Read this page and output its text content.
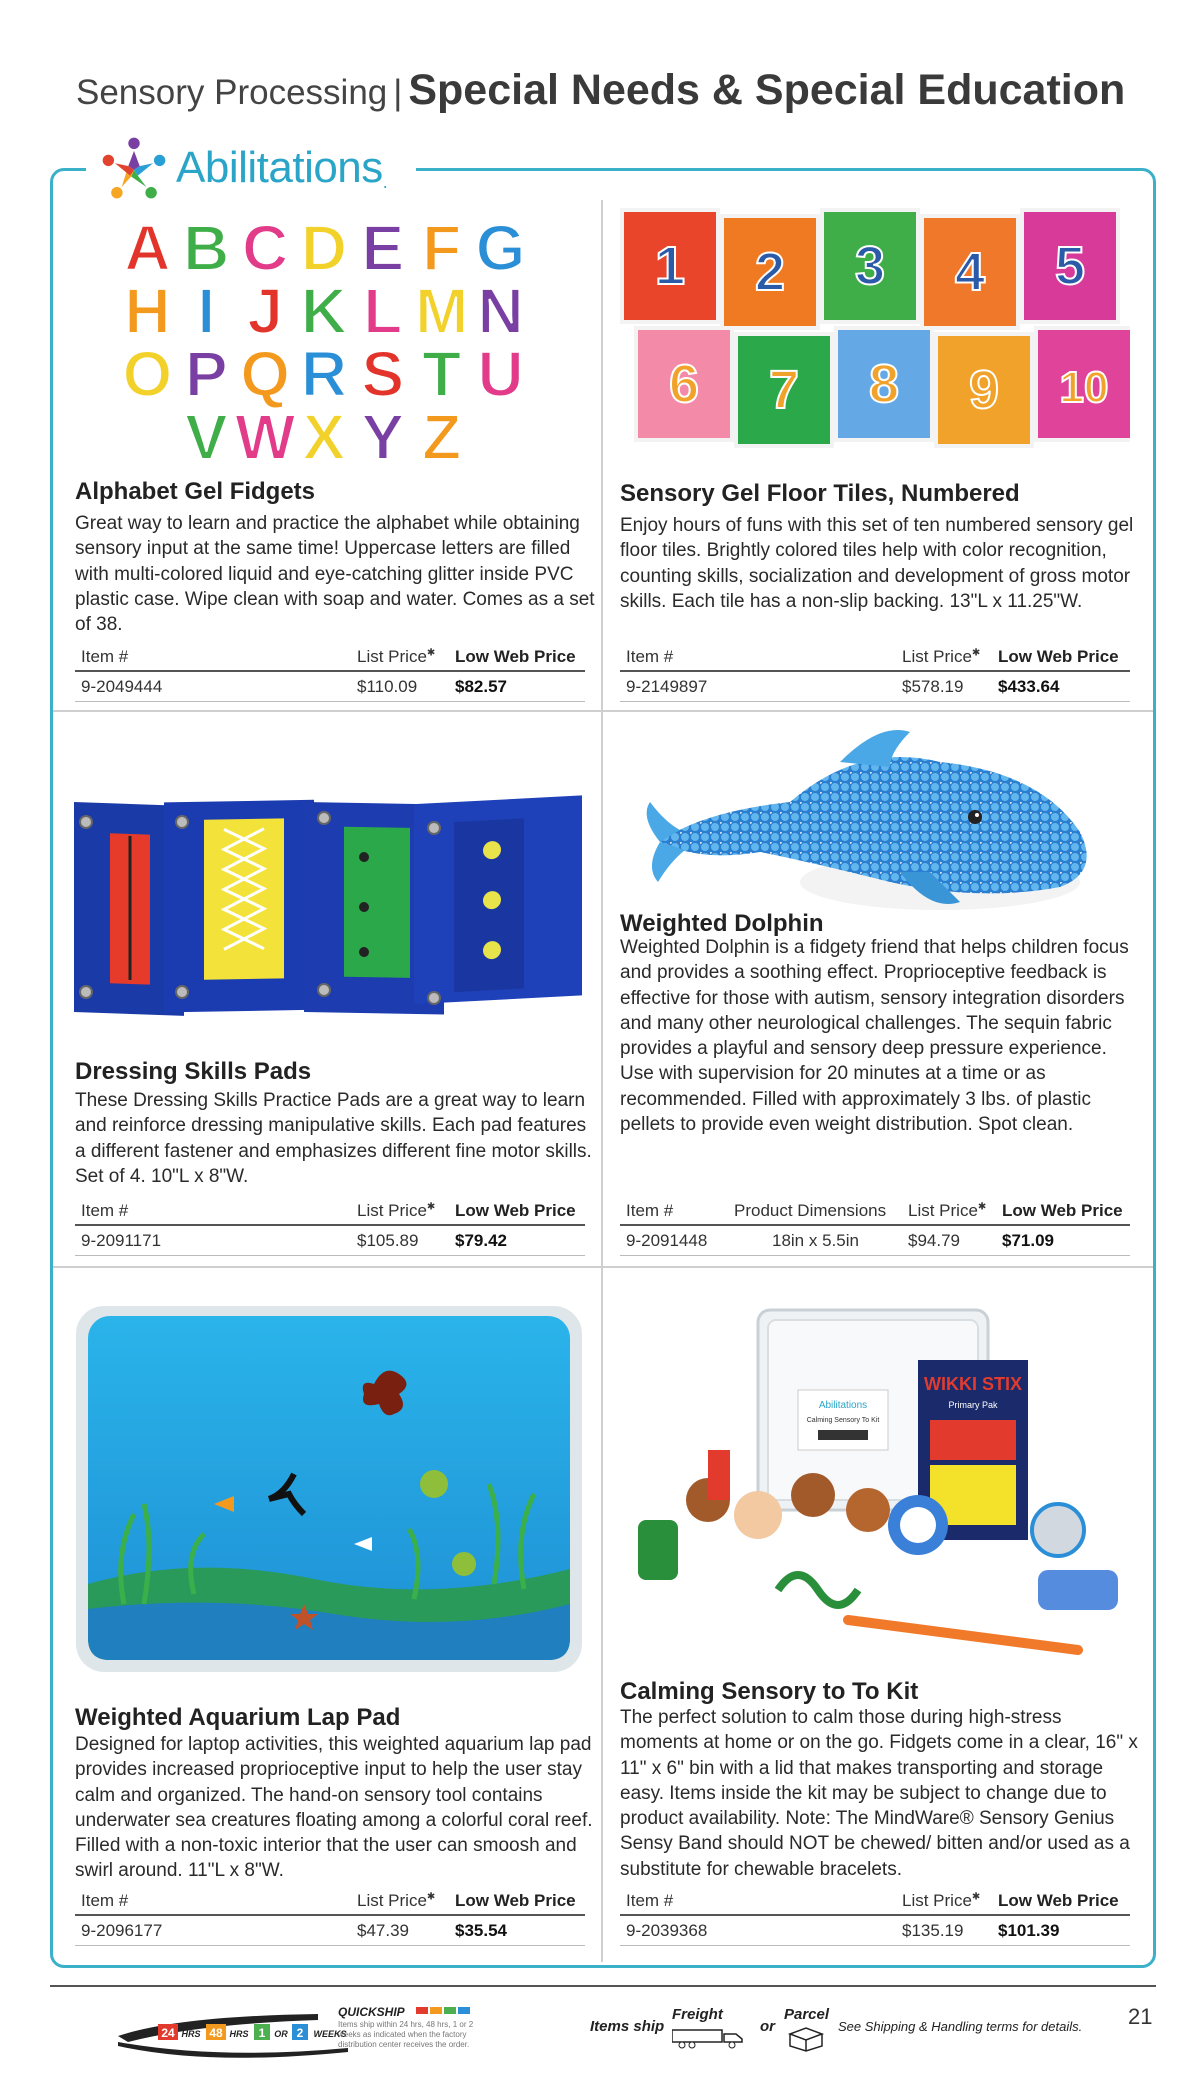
Sensory Processing | Special Needs & Special Education
Abilitations.
A B C D E F G
H I J K L M N
O P Q R S T U
V W X Y Z
Alphabet Gel Fidgets
Great way to learn and practice the alphabet while obtaining sensory input at the same time! Uppercase letters are filled with multi-colored liquid and eye-catching glitter inside PVC plastic case. Wipe clean with soap and water. Comes as a set of 38.
Item #	List Price✱ Low Web Price
9-2049444	$110.09 $82.57
1 2 3 4 5
6 7 8 9 10
Sensory Gel Floor Tiles, Numbered
Enjoy hours of funs with this set of ten numbered sensory gel floor tiles. Brightly colored tiles help with color recognition, counting skills, socialization and development of gross motor skills. Each tile has a non-slip backing. 13"L x 11.25"W.
Item #	List Price✱ Low Web Price
9-2149897	$578.19 $433.64
Dressing Skills Pads
These Dressing Skills Practice Pads are a great way to learn and reinforce dressing manipulative skills. Each pad features a different fastener and emphasizes different fine motor skills. Set of 4. 10"L x 8"W.
Item #	List Price✱ Low Web Price
9-2091171	$105.89 $79.42
Weighted Dolphin
Weighted Dolphin is a fidgety friend that helps children focus and provides a soothing effect. Proprioceptive feedback is effective for those with autism, sensory integration disorders and many other neurological challenges. The sequin fabric provides a playful and sensory deep pressure experience. Use with supervision for 20 minutes at a time or as recommended. Filled with approximately 3 lbs. of plastic pellets to provide even weight distribution. Spot clean.
Item #	Product Dimensions List Price✱ Low Web Price
9-2091448	18in x 5.5in	$94.79 $71.09
Weighted Aquarium Lap Pad
Designed for laptop activities, this weighted aquarium lap pad provides increased proprioceptive input to help the user stay calm and organized. The hand-on sensory tool contains underwater sea creatures floating among a colorful coral reef. Filled with a non-toxic interior that the user can smoosh and swirl around. 11"L x 8"W.
Item #	List Price✱ Low Web Price
9-2096177	$47.39	$35.54
Abilitations
Calming Sensory To Kit
WIKKI STIX
Primary Pak
Calming Sensory to To Kit
The perfect solution to calm those during high-stress moments at home or on the go. Fidgets come in a clear, 16" x 11" x 6" bin with a lid that makes transporting and storage easy. Items inside the kit may be subject to change due to product availability. Note: The MindWare® Sensory Genius Sensy Band should NOT be chewed/ bitten and/or used as a substitute for chewable bracelets.
Item #	List Price✱ Low Web Price
9-2039368	$135.19 $101.39
QUICKSHIP
24 HRS 48 HRS 1 OR 2 WEEKS
Items ship within 24 hrs, 48 hrs, 1 or 2 weeks as indicated when the factory distribution center receives the order.
Items ship
Freight
or
Parcel
See Shipping & Handling terms for details. 21
